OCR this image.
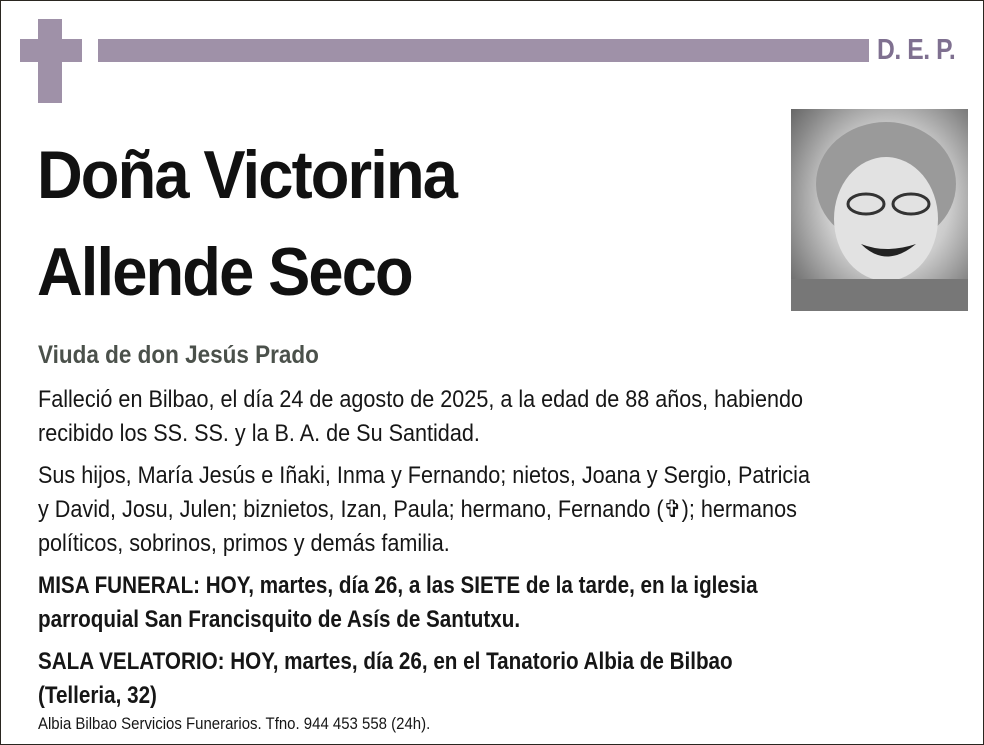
D. E. P.
Doña Victorina
Allende Seco
Viuda de don Jesús Prado
Falleció en Bilbao, el día 24 de agosto de 2025, a la edad de 88 años, habiendo
recibido los SS. SS. y la B. A. de Su Santidad.
Sus hijos, María Jesús e Iñaki, Inma y Fernando; nietos, Joana y Sergio, Patricia
y David, Josu, Julen; biznietos, Izan, Paula; hermano, Fernando (✞); hermanos
políticos, sobrinos, primos y demás familia.
MISA FUNERAL: HOY, martes, día 26, a las SIETE de la tarde, en la iglesia
parroquial San Francisquito de Asís de Santutxu.
SALA VELATORIO: HOY, martes, día 26, en el Tanatorio Albia de Bilbao
(Telleria, 32)
Albia Bilbao Servicios Funerarios. Tfno. 944 453 558 (24h).
